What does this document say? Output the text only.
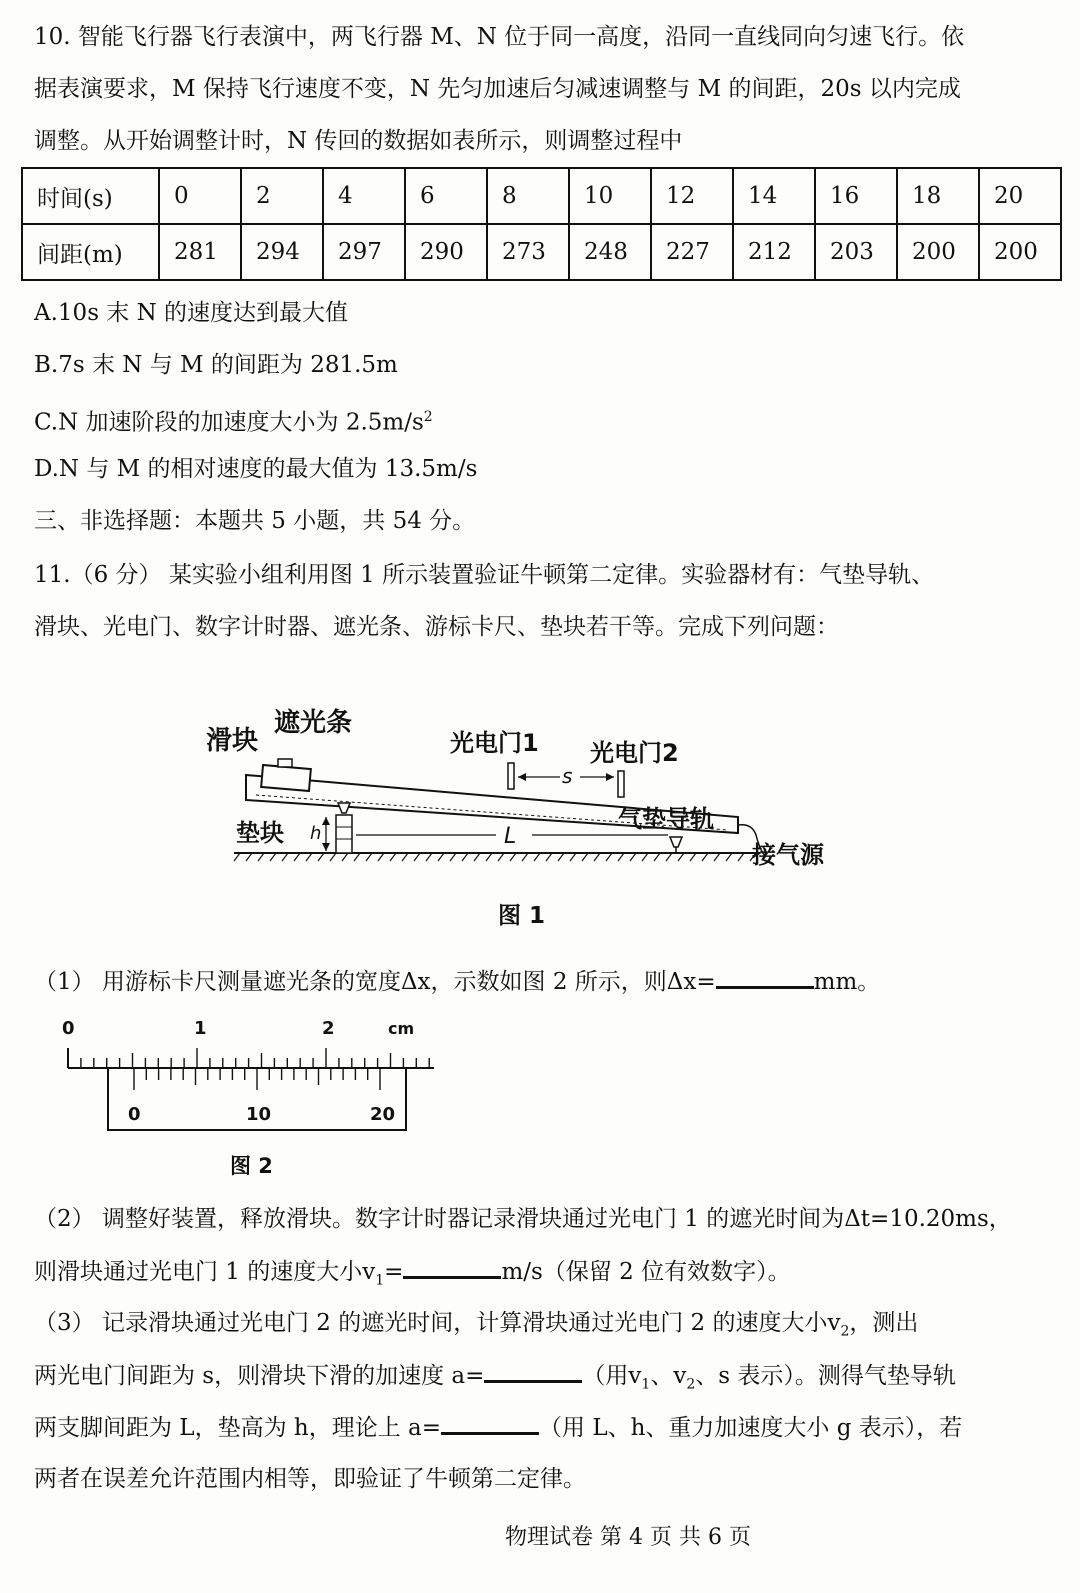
10. 智能飞行器飞行表演中，两飞行器 M、N 位于同一高度，沿同一直线同向匀速飞行。依
据表演要求，M 保持飞行速度不变，N 先匀加速后匀减速调整与 M 的间距，20s 以内完成
调整。从开始调整计时，N 传回的数据如表所示，则调整过程中
时间(s)	0	2	4	6	8	10	12	14	16	18	20
间距(m)	281	294	297	290	273	248	227	212	203	200	200
A.10s 末 N 的速度达到最大值
B.7s 末 N 与 M 的间距为 281.5m
C.N 加速阶段的加速度大小为 $2.5m/s^2$
D.N 与 M 的相对速度的最大值为 13.5m/s
三、非选择题：本题共 5 小题，共 54 分。
11.（6 分） 某实验小组利用图 1 所示装置验证牛顿第二定律。实验器材有：气垫导轨、
滑块、光电门、数字计时器、遮光条、游标卡尺、垫块若干等。完成下列问题：
滑块
遮光条
光电门1 光电门2
s
气垫导轨
垫块 h	L
接气源
图 1
（1） 用游标卡尺测量遮光条的宽度Δx，示数如图 2 所示，则Δx=	mm。
0	1	2	cm
0	10	20
图 2
（2） 调整好装置，释放滑块。数字计时器记录滑块通过光电门 1 的遮光时间为Δt=10.20ms，
则滑块通过光电门 1 的速度大小$v_1=$	m/s（保留 2 位有效数字）。
（3） 记录滑块通过光电门 2 的遮光时间，计算滑块通过光电门 2 的速度大小$v_2$，测出
两光电门间距为 s，则滑块下滑的加速度 a=	（用$v_1$、$v_2$、s 表示）。测得气垫导轨
两支脚间距为 L，垫高为 h，理论上 a=	（用 L、h、重力加速度大小 g 表示），若
两者在误差允许范围内相等，即验证了牛顿第二定律。
物理试卷 第 4 页 共 6 页
